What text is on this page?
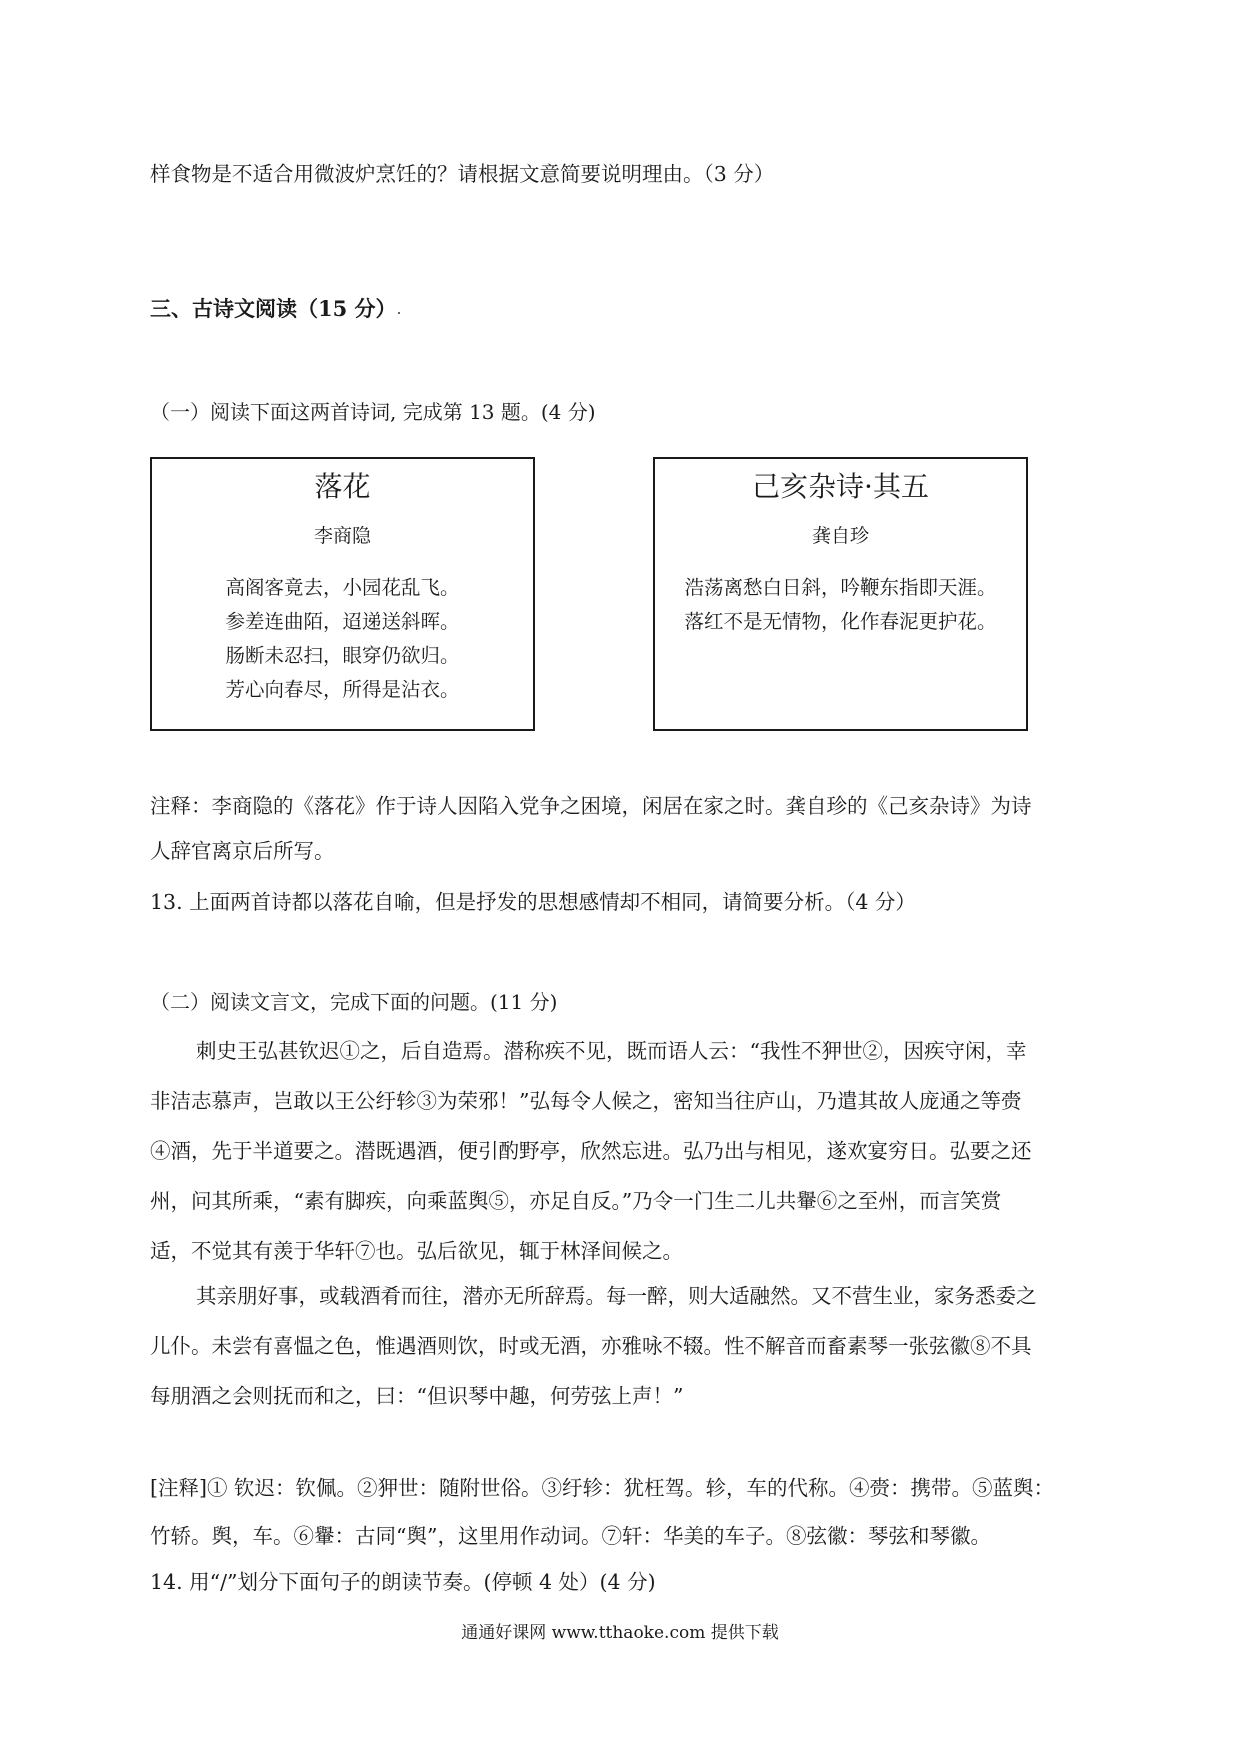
样食物是不适合用微波炉烹饪的？请根据文意简要说明理由。（3 分）
三、古诗文阅读（15 分）
（一）阅读下面这两首诗词, 完成第 13 题。(4 分)
落花
李商隐
高阁客竟去，小园花乱飞。
参差连曲陌，迢递送斜晖。
肠断未忍扫，眼穿仍欲归。
芳心向春尽，所得是沾衣。
己亥杂诗·其五
龚自珍
浩荡离愁白日斜，吟鞭东指即天涯。
落红不是无情物，化作春泥更护花。
注释：李商隐的《落花》作于诗人因陷入党争之困境，闲居在家之时。龚自珍的《己亥杂诗》为诗
人辞官离京后所写。
13. 上面两首诗都以落花自喻，但是抒发的思想感情却不相同，请简要分析。（4 分）
（二）阅读文言文，完成下面的问题。(11 分)

刺史王弘甚钦迟①之，后自造焉。潜称疾不见，既而语人云：“我性不狎世②，因疾守闲，幸

非洁志慕声，岂敢以王公纡轸③为荣邪！”弘每令人候之，密知当往庐山，乃遣其故人庞通之等赍

④酒，先于半道要之。潜既遇酒，便引酌野亭，欣然忘进。弘乃出与相见，遂欢宴穷日。弘要之还

州，问其所乘，“素有脚疾，向乘蓝舆⑤，亦足自反。”乃令一门生二儿共轝⑥之至州，而言笑赏

适，不觉其有羡于华轩⑦也。弘后欲见，辄于林泽间候之。

其亲朋好事，或载酒肴而往，潜亦无所辞焉。每一醉，则大适融然。又不营生业，家务悉委之

儿仆。未尝有喜愠之色，惟遇酒则饮，时或无酒，亦雅咏不辍。性不解音而畜素琴一张弦徽⑧不具

每朋酒之会则抚而和之，曰：“但识琴中趣，何劳弦上声！”

[注释]① 钦迟：钦佩。②狎世：随附世俗。③纡轸：犹枉驾。轸，车的代称。④赍：携带。⑤蓝舆：
竹轿。舆，车。⑥轝：古同“舆”，这里用作动词。⑦轩：华美的车子。⑧弦徽：琴弦和琴徽。
14. 用“/”划分下面句子的朗读节奏。(停顿 4 处）(4 分)
通通好课网 www.tthaoke.com 提供下载
